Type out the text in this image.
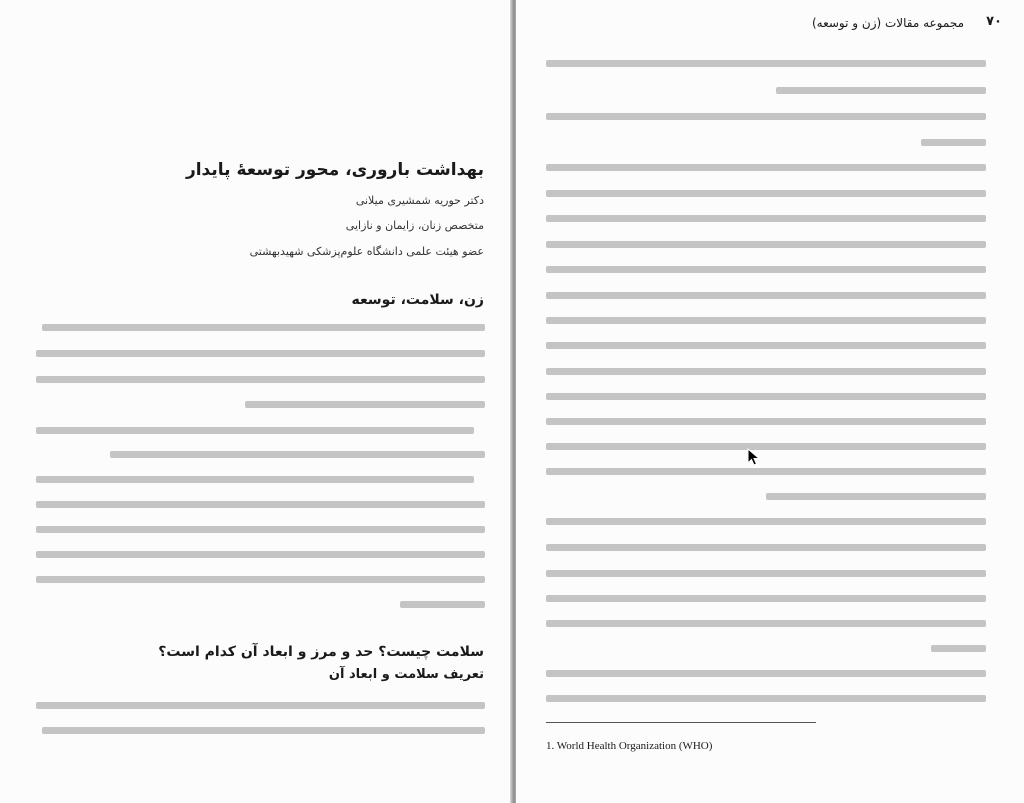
بهداشت باروری، محور توسعهٔ پایدار
دکتر حوریه شمشیری میلانی
متخصص زنان، زایمان و نازایی
عضو هیئت علمی دانشگاه علوم‌پزشکی شهیدبهشتی
زن، سلامت، توسعه
سلامت چیست؟ حد و مرز و ابعاد آن کدام است؟
تعریف سلامت و ابعاد آن
۷۰
مجموعه مقالات (زن و توسعه)
1. World Health Organization (WHO)
